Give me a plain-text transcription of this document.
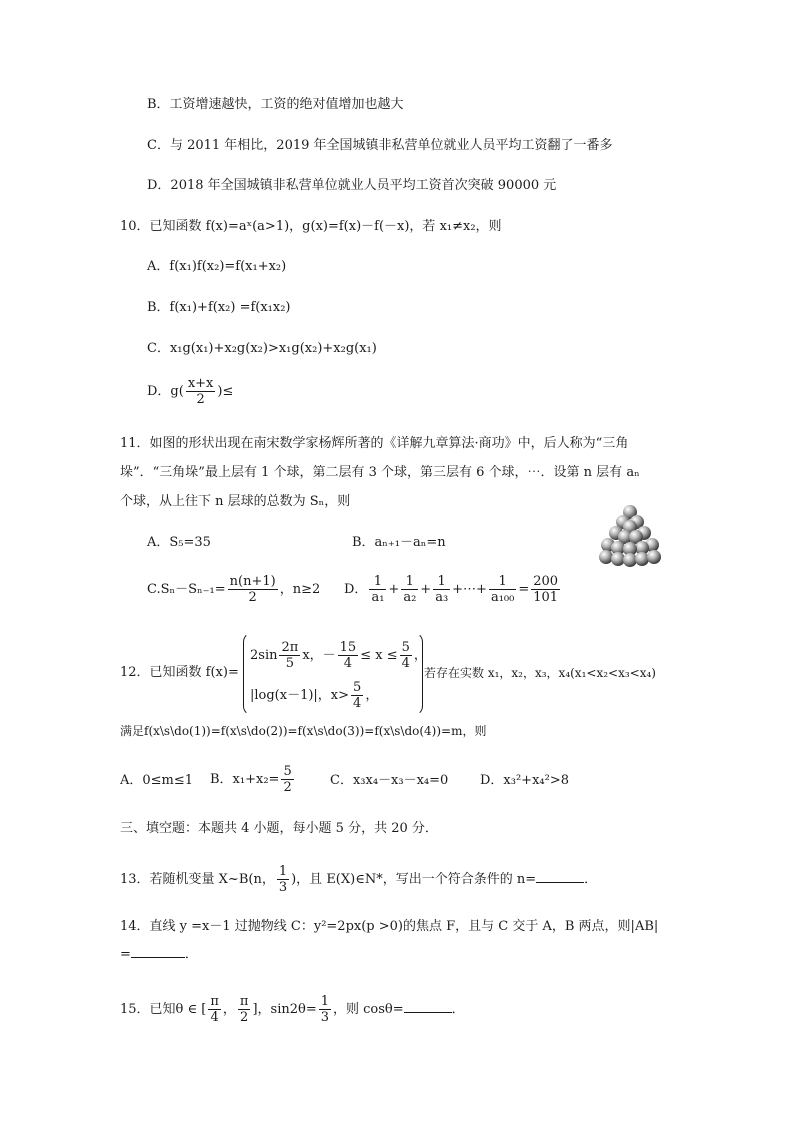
B．工资增速越快，工资的绝对值增加也越大
C．与 2011 年相比，2019 年全国城镇非私营单位就业人员平均工资翻了一番多
D．2018 年全国城镇非私营单位就业人员平均工资首次突破 90000 元
10．已知函数 f(x)=aˣ(a>1)，g(x)=f(x)－f(－x)，若 x₁≠x₂，则
A．f(x₁)f(x₂)=f(x₁+x₂)
B．f(x₁)+f(x₂) =f(x₁x₂)
C．x₁g(x₁)+x₂g(x₂)>x₁g(x₂)+x₂g(x₁)
D．$g( \frac{x+x}{2}$ )≤
11．如图的形状出现在南宋数学家杨辉所著的《详解九章算法·商功》中，后人称为“三角
垛”．“三角垛”最上层有 1 个球，第二层有 3 个球，第三层有 6 个球，⋯．设第 n 层有 aₙ
个球，从上往下 n 层球的总数为 Sₙ，则
A．S₅=35	B．aₙ₊₁－aₙ=n
$C.S_n-S_{n-1}= \frac{n(n+1)}{2}$ ，n≥2 D． $\frac{1}{\text{a₁}} + \frac{1}{\text{a₂}} + \frac{1}{\text{a₃}}$ +⋯+ $\frac{1}{\text{a₁₀₀}} = \frac{200}{101}$
12．已知函数 f(x)=
$2\sin \frac{2\pi}{5}$ x，－ $\frac{15}{4} \le x \le \frac{5}{4}$ ，
|log(x－1)|，$x> \frac{5}{4}$ ，
若存在实数 x₁，x₂，x₃，x₄(x₁<x₂<x₃<x₄)
满足f(x\s\do(1))=f(x\s\do(2))=f(x\s\do(3))=f(x\s\do(4))=m，则
A．0≤m≤1 B．$x_1+x_2= \frac{5}{2}$	C．x₃x₄－x₃－x₄=0 D．x₃²+x₄²>8
三、填空题：本题共 4 小题，每小题 5 分，共 20 分．
13．若随机变量 X~B(n， $\frac{1}{3}$ )，且 E(X)∈N*，写出一个符合条件的 n=	．
14．直线 y =x－1 过抛物线 C：y²=2px(p >0)的焦点 F，且与 C 交于 A，B 两点，则|AB|
=	．
15．已知θ ∈ [ $\frac{\pi}{4}$ ， $\frac{\pi}{2}$ ]，$\sin 2\theta= \frac{1}{3}$ ，则 cosθ=	．
